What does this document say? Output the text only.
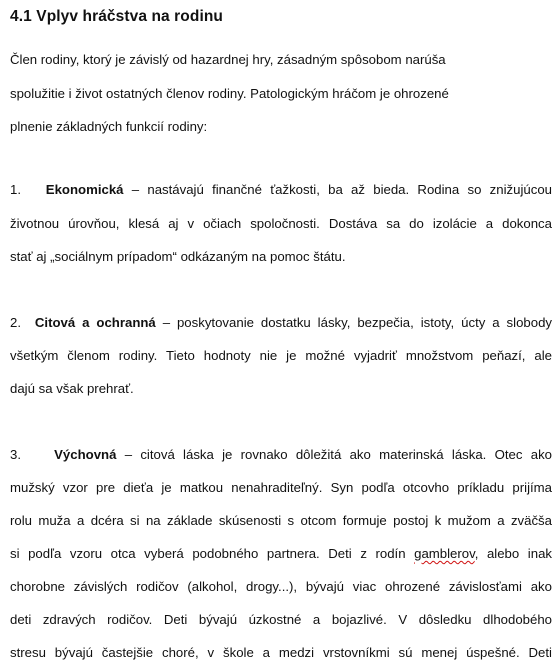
4.1 Vplyv hráčstva na rodinu
Člen rodiny, ktorý je závislý od hazardnej hry, zásadným spôsobom narúša
spolužitie i život ostatných členov rodiny. Patologickým hráčom je ohrozené
plnenie základných funkcií rodiny:
1. Ekonomická – nastávajú finančné ťažkosti, ba až bieda. Rodina so znižujúcou
životnou úrovňou, klesá aj v očiach spoločnosti. Dostáva sa do izolácie a dokonca
stať aj „sociálnym prípadom“ odkázaným na pomoc štátu.
2. Citová a ochranná – poskytovanie dostatku lásky, bezpečia, istoty, úcty a slobody
všetkým členom rodiny. Tieto hodnoty nie je možné vyjadriť množstvom peňazí, ale
dajú sa však prehrať.
3.	Výchovná – citová láska je rovnako dôležitá ako materinská láska. Otec ako
mužský vzor pre dieťa je matkou nenahraditeľný. Syn podľa otcovho príkladu prijíma
rolu muža a dcéra si na základe skúsenosti s otcom formuje postoj k mužom a zväčša
si podľa vzoru otca vyberá podobného partnera. Deti z rodín gamblerov, alebo inak
chorobne závislých rodičov (alkohol, drogy...), bývajú viac ohrozené závislosťami ako
deti zdravých rodičov. Deti bývajú úzkostné a bojazlivé. V dôsledku dlhodobého
stresu bývajú častejšie choré, v škole a medzi vrstovníkmi sú menej úspešné. Deti
